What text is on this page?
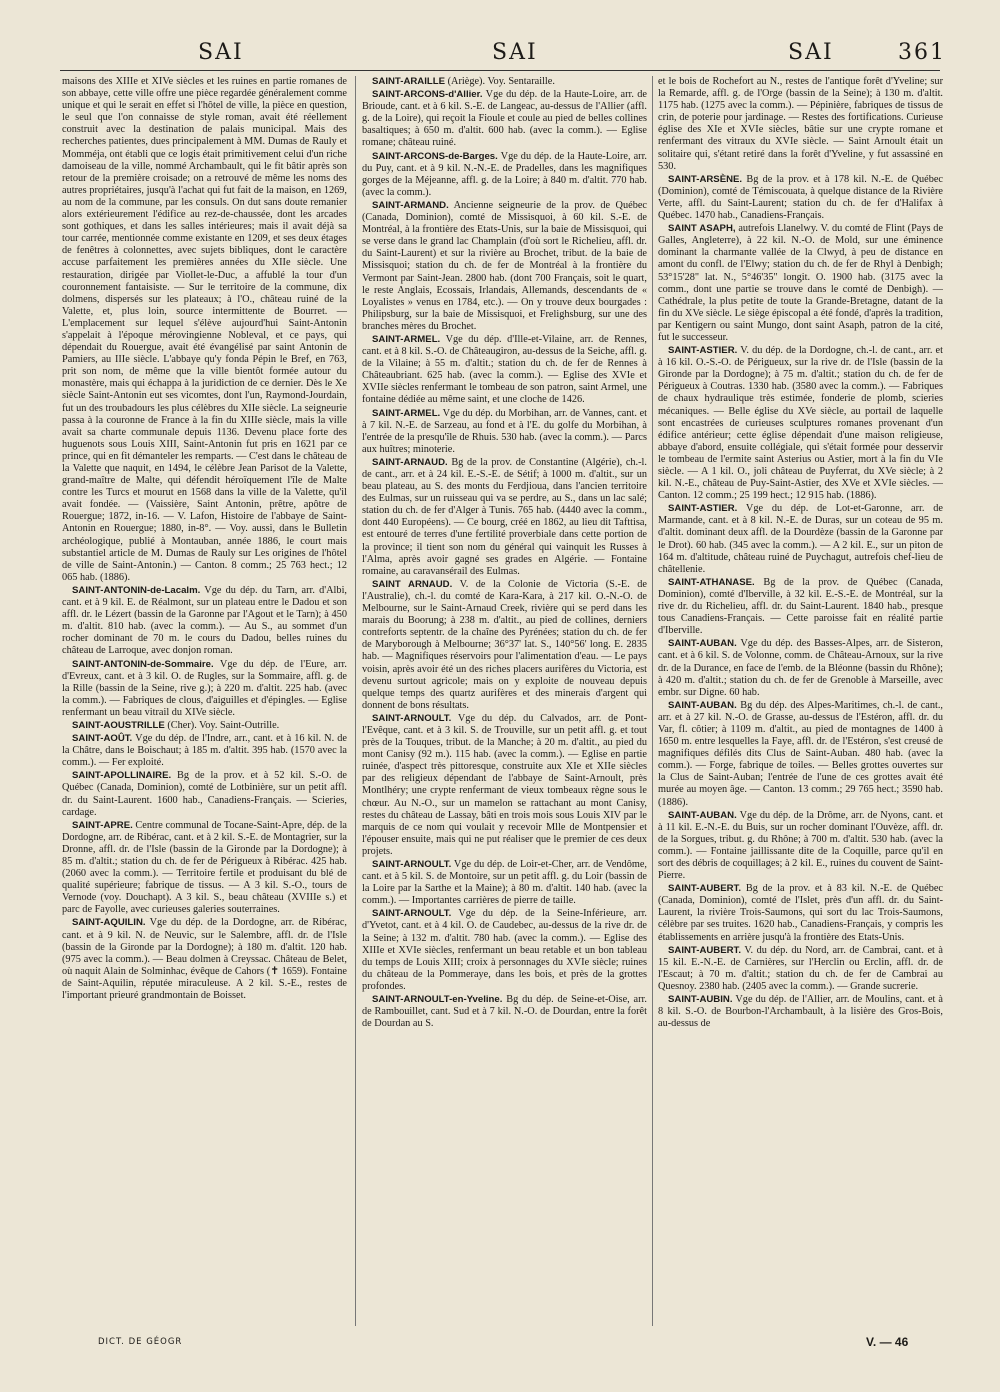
SAI	SAI	SAI	361

maisons des XIIIe et XIVe siècles et les ruines en partie romanes de son abbaye, cette ville offre une pièce regardée généralement comme unique et qui le serait en effet si l'hôtel de ville, la pièce en question, le seul que l'on connaisse de style roman, avait été réellement construit avec la destination de palais municipal. Mais des recherches patientes, dues principalement à MM. Dumas de Rauly et Momméja, ont établi que ce logis était primitivement celui d'un riche damoiseau de la ville, nommé Archambault, qui le fit bâtir après son retour de la première croisade; on a retrouvé de même les noms des autres propriétaires, jusqu'à l'achat qui fut fait de la maison, en 1269, au nom de la commune, par les consuls. On dut sans doute remanier alors extérieurement l'édifice au rez-de-chaussée, dont les arcades sont gothiques, et dans les salles intérieures; mais il avait déjà sa tour carrée, mentionnée comme existante en 1209, et ses deux étages de fenêtres à colonnettes, avec sujets bibliques, dont le caractère accuse parfaitement les premières années du XIIe siècle. Une restauration, dirigée par Viollet-le-Duc, a affublé la tour d'un couronnement fantaisiste. — Sur le territoire de la commune, dix dolmens, dispersés sur les plateaux; à l'O., château ruiné de la Valette, et, plus loin, source intermittente de Bourret. — L'emplacement sur lequel s'élève aujourd'hui Saint-Antonin s'appelait à l'époque mérovingienne Nobleval, et ce pays, qui dépendait du Rouergue, avait été évangélisé par saint Antonin de Pamiers, au IIIe siècle. L'abbaye qu'y fonda Pépin le Bref, en 763, prit son nom, de même que la ville bientôt formée autour du monastère, mais qui échappa à la juridiction de ce dernier. Dès le Xe siècle Saint-Antonin eut ses vicomtes, dont l'un, Raymond-Jourdain, fut un des troubadours les plus célèbres du XIIe siècle. La seigneurie passa à la couronne de France à la fin du XIIIe siècle, mais la ville avait sa charte communale depuis 1136. Devenu place forte des huguenots sous Louis XIII, Saint-Antonin fut pris en 1621 par ce prince, qui en fit démanteler les remparts. — C'est dans le château de la Valette que naquit, en 1494, le célèbre Jean Parisot de la Valette, grand-maître de Malte, qui défendit héroïquement l'île de Malte contre les Turcs et mourut en 1568 dans la ville de la Valette, qu'il avait fondée. — (Vaissière, Saint Antonin, prêtre, apôtre de Rouergue; 1872, in-16. — V. Lafon, Histoire de l'abbaye de Saint-Antonin en Rouergue; 1880, in-8°. — Voy. aussi, dans le Bulletin archéologique, publié à Montauban, année 1886, le court mais substantiel article de M. Dumas de Rauly sur Les origines de l'hôtel de ville de Saint-Antonin.) — Canton. 8 comm.; 25 763 hect.; 12 065 hab. (1886).

SAINT-ANTONIN-de-Lacalm. Vge du dép. du Tarn, arr. d'Albi, cant. et à 9 kil. E. de Réalmont, sur un plateau entre le Dadou et son affl. dr. le Lézert (bassin de la Garonne par l'Agout et le Tarn); à 450 m. d'altit. 810 hab. (avec la comm.). — Au S., au sommet d'un rocher dominant de 70 m. le cours du Dadou, belles ruines du château de Larroque, avec donjon roman.

SAINT-ANTONIN-de-Sommaire. Vge du dép. de l'Eure, arr. d'Evreux, cant. et à 3 kil. O. de Rugles, sur la Sommaire, affl. g. de la Rille (bassin de la Seine, rive g.); à 220 m. d'altit. 225 hab. (avec la comm.). — Fabriques de clous, d'aiguilles et d'épingles. — Eglise renfermant un beau vitrail du XIVe siècle.

SAINT-AOUSTRILLE (Cher). Voy. Saint-Outrille.

SAINT-AOÛT. Vge du dép. de l'Indre, arr., cant. et à 16 kil. N. de la Châtre, dans le Boischaut; à 185 m. d'altit. 395 hab. (1570 avec la comm.). — Fer exploité.

SAINT-APOLLINAIRE. Bg de la prov. et à 52 kil. S.-O. de Québec (Canada, Dominion), comté de Lotbinière, sur un petit affl. dr. du Saint-Laurent. 1600 hab., Canadiens-Français. — Scieries, cardage.

SAINT-APRE. Centre communal de Tocane-Saint-Apre, dép. de la Dordogne, arr. de Ribérac, cant. et à 2 kil. S.-E. de Montagrier, sur la Dronne, affl. dr. de l'Isle (bassin de la Gironde par la Dordogne); à 85 m. d'altit.; station du ch. de fer de Périgueux à Ribérac. 425 hab. (2060 avec la comm.). — Territoire fertile et produisant du blé de qualité supérieure; fabrique de tissus. — A 3 kil. S.-O., tours de Vernode (voy. Douchapt). A 3 kil. S., beau château (XVIIIe s.) et parc de Fayolle, avec curieuses galeries souterraines.

SAINT-AQUILIN. Vge du dép. de la Dordogne, arr. de Ribérac, cant. et à 9 kil. N. de Neuvic, sur le Salembre, affl. dr. de l'Isle (bassin de la Gironde par la Dordogne); à 180 m. d'altit. 120 hab. (975 avec la comm.). — Beau dolmen à Creyssac. Château de Belet, où naquit Alain de Solminhac, évêque de Cahors (✝ 1659). Fontaine de Saint-Aquilin, réputée miraculeuse. A 2 kil. S.-E., restes de l'important prieuré grandmontain de Boisset.

SAINT-ARAILLE (Ariège). Voy. Sentaraille.

SAINT-ARCONS-d'Allier. Vge du dép. de la Haute-Loire, arr. de Brioude, cant. et à 6 kil. S.-E. de Langeac, au-dessus de l'Allier (affl. g. de la Loire), qui reçoit la Fioule et coule au pied de belles collines basaltiques; à 650 m. d'altit. 600 hab. (avec la comm.). — Eglise romane; château ruiné.

SAINT-ARCONS-de-Barges. Vge du dép. de la Haute-Loire, arr. du Puy, cant. et à 9 kil. N.-N.-E. de Pradelles, dans les magnifiques gorges de la Méjeanne, affl. g. de la Loire; à 840 m. d'altit. 770 hab. (avec la comm.).

SAINT-ARMAND. Ancienne seigneurie de la prov. de Québec (Canada, Dominion), comté de Missisquoi, à 60 kil. S.-E. de Montréal, à la frontière des Etats-Unis, sur la baie de Missisquoi, qui se verse dans le grand lac Champlain (d'où sort le Richelieu, affl. dr. du Saint-Laurent) et sur la rivière au Brochet, tribut. de la baie de Missisquoi; station du ch. de fer de Montréal à la frontière du Vermont par Saint-Jean. 2800 hab. (dont 700 Français, soit le quart, le reste Anglais, Ecossais, Irlandais, Allemands, descendants de « Loyalistes » venus en 1784, etc.). — On y trouve deux bourgades : Philipsburg, sur la baie de Missisquoi, et Frelighsburg, sur une des branches mères du Brochet.

SAINT-ARMEL. Vge du dép. d'Ille-et-Vilaine, arr. de Rennes, cant. et à 8 kil. S.-O. de Châteaugiron, au-dessus de la Seiche, affl. g. de la Vilaine; à 55 m. d'altit.; station du ch. de fer de Rennes à Châteaubriant. 625 hab. (avec la comm.). — Eglise des XVIe et XVIIe siècles renfermant le tombeau de son patron, saint Armel, une fontaine dédiée au même saint, et une cloche de 1426.

SAINT-ARMEL. Vge du dép. du Morbihan, arr. de Vannes, cant. et à 7 kil. N.-E. de Sarzeau, au fond et à l'E. du golfe du Morbihan, à l'entrée de la presqu'île de Rhuis. 530 hab. (avec la comm.). — Parcs aux huîtres; minoterie.

SAINT-ARNAUD. Bg de la prov. de Constantine (Algérie), ch.-l. de cant., arr. et à 24 kil. E.-S.-E. de Sétif; à 1000 m. d'altit., sur un beau plateau, au S. des monts du Ferdjioua, dans l'ancien territoire des Eulmas, sur un ruisseau qui va se perdre, au S., dans un lac salé; station du ch. de fer d'Alger à Tunis. 765 hab. (4440 avec la comm., dont 440 Européens). — Ce bourg, créé en 1862, au lieu dit Tafttisa, est entouré de terres d'une fertilité proverbiale dans cette portion de la province; il tient son nom du général qui vainquit les Russes à l'Alma, après avoir gagné ses grades en Algérie. — Fontaine romaine, au caravansérail des Eulmas.

SAINT ARNAUD. V. de la Colonie de Victoria (S.-E. de l'Australie), ch.-l. du comté de Kara-Kara, à 217 kil. O.-N.-O. de Melbourne, sur le Saint-Arnaud Creek, rivière qui se perd dans les marais du Boorung; à 238 m. d'altit., au pied de collines, derniers contreforts septentr. de la chaîne des Pyrénées; station du ch. de fer de Maryborough à Melbourne; 36°37' lat. S., 140°56' long. E. 2835 hab. — Magnifiques réservoirs pour l'alimentation d'eau. — Le pays voisin, après avoir été un des riches placers aurifères du Victoria, est devenu surtout agricole; mais on y exploite de nouveau depuis quelque temps des quartz aurifères et des minerais d'argent qui donnent de bons résultats.

SAINT-ARNOULT. Vge du dép. du Calvados, arr. de Pont-l'Evêque, cant. et à 3 kil. S. de Trouville, sur un petit affl. g. et tout près de la Touques, tribut. de la Manche; à 20 m. d'altit., au pied du mont Canisy (92 m.). 115 hab. (avec la comm.). — Eglise en partie ruinée, d'aspect très pittoresque, construite aux XIe et XIIe siècles par des religieux dépendant de l'abbaye de Saint-Arnoult, près Montlhéry; une crypte renfermant de vieux tombeaux règne sous le chœur. Au N.-O., sur un mamelon se rattachant au mont Canisy, restes du château de Lassay, bâti en trois mois sous Louis XIV par le marquis de ce nom qui voulait y recevoir Mlle de Montpensier et l'épouser ensuite, mais qui ne put réaliser que le premier de ces deux projets.

SAINT-ARNOULT. Vge du dép. de Loir-et-Cher, arr. de Vendôme, cant. et à 5 kil. S. de Montoire, sur un petit affl. g. du Loir (bassin de la Loire par la Sarthe et la Maine); à 80 m. d'altit. 140 hab. (avec la comm.). — Importantes carrières de pierre de taille.

SAINT-ARNOULT. Vge du dép. de la Seine-Inférieure, arr. d'Yvetot, cant. et à 4 kil. O. de Caudebec, au-dessus de la rive dr. de la Seine; à 132 m. d'altit. 780 hab. (avec la comm.). — Eglise des XIIIe et XVIe siècles, renfermant un beau retable et un bon tableau du temps de Louis XIII; croix à personnages du XVIe siècle; ruines du château de la Pommeraye, dans les bois, et près de la grottes profondes.

SAINT-ARNOULT-en-Yveline. Bg du dép. de Seine-et-Oise, arr. de Rambouillet, cant. Sud et à 7 kil. N.-O. de Dourdan, entre la forêt de Dourdan au S.

et le bois de Rochefort au N., restes de l'antique forêt d'Yveline; sur la Remarde, affl. g. de l'Orge (bassin de la Seine); à 130 m. d'altit. 1175 hab. (1275 avec la comm.). — Pépinière, fabriques de tissus de crin, de poterie pour jardinage. — Restes des fortifications. Curieuse église des XIe et XVIe siècles, bâtie sur une crypte romane et renfermant des vitraux du XVIe siècle. — Saint Arnoult était un solitaire qui, s'étant retiré dans la forêt d'Yveline, y fut assassiné en 530.

SAINT-ARSÈNE. Bg de la prov. et à 178 kil. N.-E. de Québec (Dominion), comté de Témiscouata, à quelque distance de la Rivière Verte, affl. du Saint-Laurent; station du ch. de fer d'Halifax à Québec. 1470 hab., Canadiens-Français.

SAINT ASAPH, autrefois Llanelwy. V. du comté de Flint (Pays de Galles, Angleterre), à 22 kil. N.-O. de Mold, sur une éminence dominant la charmante vallée de la Clwyd, à peu de distance en amont du confl. de l'Elwy; station du ch. de fer de Rhyl à Denbigh; 53°15'28" lat. N., 5°46'35" longit. O. 1900 hab. (3175 avec la comm., dont une partie se trouve dans le comté de Denbigh). — Cathédrale, la plus petite de toute la Grande-Bretagne, datant de la fin du XVe siècle. Le siège épiscopal a été fondé, d'après la tradition, par Kentigern ou saint Mungo, dont saint Asaph, patron de la cité, fut le successeur.

SAINT-ASTIER. V. du dép. de la Dordogne, ch.-l. de cant., arr. et à 16 kil. O.-S.-O. de Périgueux, sur la rive dr. de l'Isle (bassin de la Gironde par la Dordogne); à 75 m. d'altit.; station du ch. de fer de Périgueux à Coutras. 1330 hab. (3580 avec la comm.). — Fabriques de chaux hydraulique très estimée, fonderie de plomb, scieries mécaniques. — Belle église du XVe siècle, au portail de laquelle sont encastrées de curieuses sculptures romanes provenant d'un édifice antérieur; cette église dépendait d'une maison religieuse, abbaye d'abord, ensuite collégiale, qui s'était formée pour desservir le tombeau de l'ermite saint Asterius ou Astier, mort à la fin du VIe siècle. — A 1 kil. O., joli château de Puyferrat, du XVe siècle; à 2 kil. N.-E., château de Puy-Saint-Astier, des XVe et XVIe siècles. — Canton. 12 comm.; 25 199 hect.; 12 915 hab. (1886).

SAINT-ASTIER. Vge du dép. de Lot-et-Garonne, arr. de Marmande, cant. et à 8 kil. N.-E. de Duras, sur un coteau de 95 m. d'altit. dominant deux affl. de la Dourdèze (bassin de la Garonne par le Drot). 60 hab. (345 avec la comm.). — A 2 kil. E., sur un piton de 164 m. d'altitude, château ruiné de Puychagut, autrefois chef-lieu de châtellenie.

SAINT-ATHANASE. Bg de la prov. de Québec (Canada, Dominion), comté d'Iberville, à 32 kil. E.-S.-E. de Montréal, sur la rive dr. du Richelieu, affl. dr. du Saint-Laurent. 1840 hab., presque tous Canadiens-Français. — Cette paroisse fait en réalité partie d'Iberville.

SAINT-AUBAN. Vge du dép. des Basses-Alpes, arr. de Sisteron, cant. et à 6 kil. S. de Volonne, comm. de Château-Arnoux, sur la rive dr. de la Durance, en face de l'emb. de la Bléonne (bassin du Rhône); à 420 m. d'altit.; station du ch. de fer de Grenoble à Marseille, avec embr. sur Digne. 60 hab.

SAINT-AUBAN. Bg du dép. des Alpes-Maritimes, ch.-l. de cant., arr. et à 27 kil. N.-O. de Grasse, au-dessus de l'Estéron, affl. dr. du Var, fl. côtier; à 1109 m. d'altit., au pied de montagnes de 1400 à 1650 m. entre lesquelles la Faye, affl. dr. de l'Estéron, s'est creusé de magnifiques défilés dits Clus de Saint-Auban. 480 hab. (avec la comm.). — Forge, fabrique de toiles. — Belles grottes ouvertes sur la Clus de Saint-Auban; l'entrée de l'une de ces grottes avait été murée au moyen âge. — Canton. 13 comm.; 29 765 hect.; 3590 hab. (1886).

SAINT-AUBAN. Vge du dép. de la Drôme, arr. de Nyons, cant. et à 11 kil. E.-N.-E. du Buis, sur un rocher dominant l'Ouvèze, affl. dr. de la Sorgues, tribut. g. du Rhône; à 700 m. d'altit. 530 hab. (avec la comm.). — Fontaine jaillissante dite de la Coquille, parce qu'il en sort des débris de coquillages; à 2 kil. E., ruines du couvent de Saint-Pierre.

SAINT-AUBERT. Bg de la prov. et à 83 kil. N.-E. de Québec (Canada, Dominion), comté de l'Islet, près d'un affl. dr. du Saint-Laurent, la rivière Trois-Saumons, qui sort du lac Trois-Saumons, célèbre par ses truites. 1620 hab., Canadiens-Français, y compris les établissements en arrière jusqu'à la frontière des Etats-Unis.

SAINT-AUBERT. V. du dép. du Nord, arr. de Cambrai, cant. et à 15 kil. E.-N.-E. de Carnières, sur l'Herclin ou Erclin, affl. dr. de l'Escaut; à 70 m. d'altit.; station du ch. de fer de Cambrai au Quesnoy. 2380 hab. (2405 avec la comm.). — Grande sucrerie.

SAINT-AUBIN. Vge du dép. de l'Allier, arr. de Moulins, cant. et à 8 kil. S.-O. de Bourbon-l'Archambault, à la lisière des Gros-Bois, au-dessus de

DICT. DE GÉOGR	V. — 46
